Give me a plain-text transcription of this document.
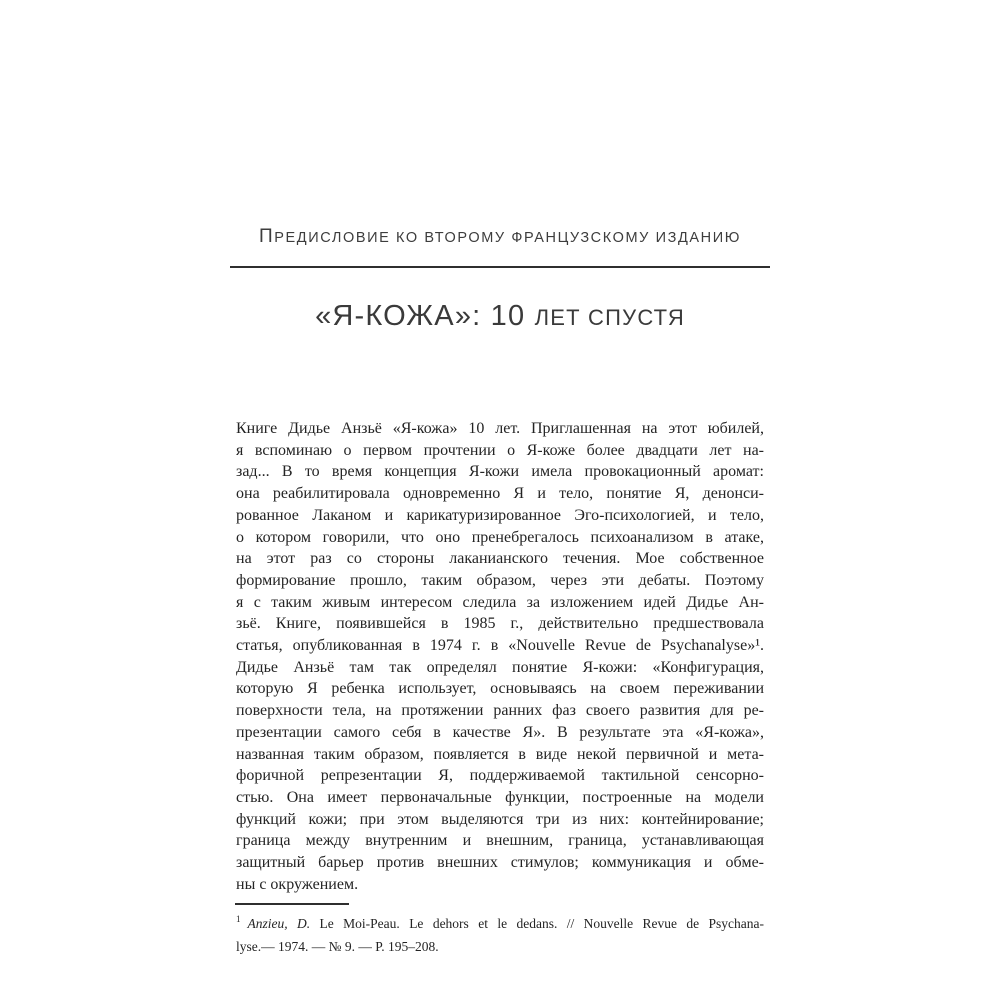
ПРЕДИСЛОВИЕ КО ВТОРОМУ ФРАНЦУЗСКОМУ ИЗДАНИЮ
«Я-КОЖА»: 10 ЛЕТ СПУСТЯ
Книге Дидье Анзьё «Я-кожа» 10 лет. Приглашенная на этот юбилей,
я вспоминаю о первом прочтении о Я-коже более двадцати лет на-
зад... В то время концепция Я-кожи имела провокационный аромат:
она реабилитировала одновременно Я и тело, понятие Я, денонси-
рованное Лаканом и карикатуризированное Эго-психологией, и тело,
о котором говорили, что оно пренебрегалось психоанализом в атаке,
на этот раз со стороны лаканианского течения. Мое собственное
формирование прошло, таким образом, через эти дебаты. Поэтому
я с таким живым интересом следила за изложением идей Дидье Ан-
зьё. Книге, появившейся в 1985 г., действительно предшествовала
статья, опубликованная в 1974 г. в «Nouvelle Revue de Psychanalyse»¹.
Дидье Анзьё там так определял понятие Я-кожи: «Конфигурация,
которую Я ребенка использует, основываясь на своем переживании
поверхности тела, на протяжении ранних фаз своего развития для ре-
презентации самого себя в качестве Я». В результате эта «Я-кожа»,
названная таким образом, появляется в виде некой первичной и мета-
форичной репрезентации Я, поддерживаемой тактильной сенсорно-
стью. Она имеет первоначальные функции, построенные на модели
функций кожи; при этом выделяются три из них: контейнирование;
граница между внутренним и внешним, граница, устанавливающая
защитный барьер против внешних стимулов; коммуникация и обме-
ны с окружением.
$^1$ Anzieu, D. Le Moi-Peau. Le dehors et le dedans. // Nouvelle Revue de Psychana-
lyse.— 1974. — № 9. — P. 195–208.
